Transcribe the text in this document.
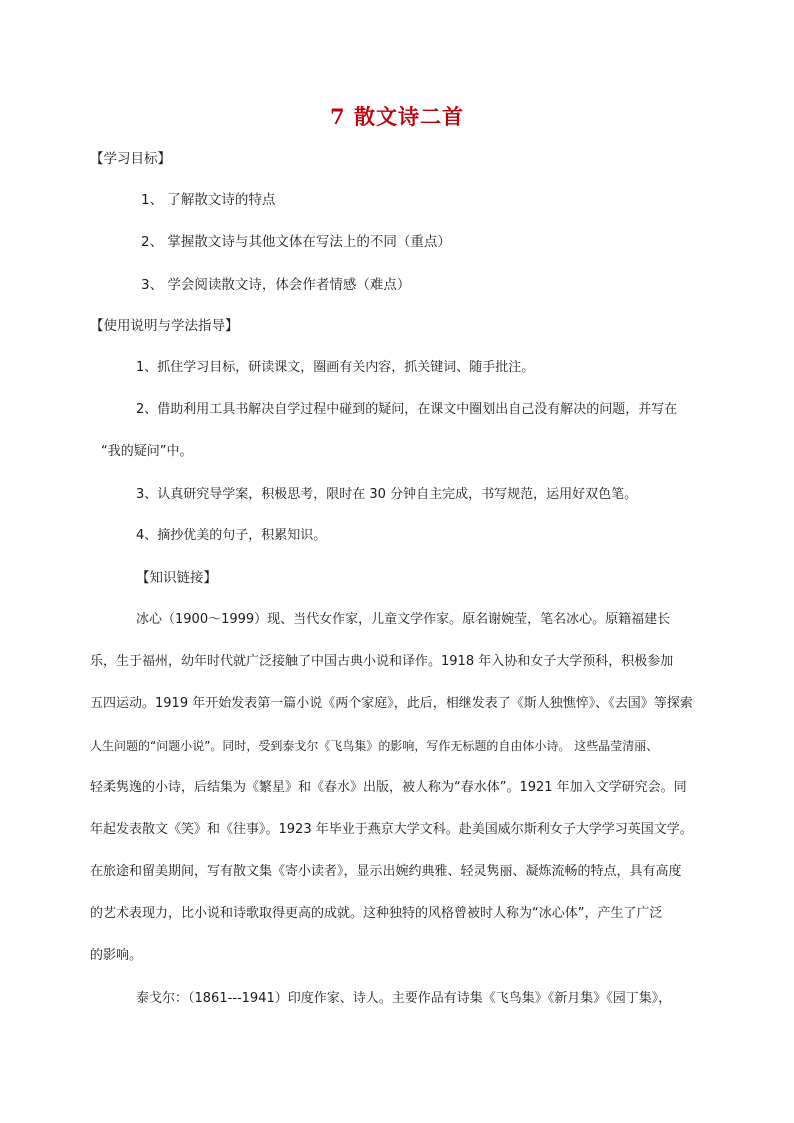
7 散文诗二首
【学习目标】
1、 了解散文诗的特点
2、 掌握散文诗与其他文体在写法上的不同（重点）
3、 学会阅读散文诗，体会作者情感（难点）
【使用说明与学法指导】
1、抓住学习目标，研读课文，圈画有关内容，抓关键词、随手批注。
2、借助利用工具书解决自学过程中碰到的疑问，在课文中圈划出自己没有解决的问题，并写在
“我的疑问”中。
3、认真研究导学案，积极思考，限时在 30 分钟自主完成，书写规范，运用好双色笔。
4、摘抄优美的句子，积累知识。
【知识链接】
冰心（1900～1999）现、当代女作家，儿童文学作家。原名谢婉莹，笔名冰心。原籍福建长
乐，生于福州，幼年时代就广泛接触了中国古典小说和译作。1918 年入协和女子大学预科，积极参加
五四运动。1919 年开始发表第一篇小说《两个家庭》，此后，相继发表了《斯人独憔悴》、《去国》等探索
人生问题的“问题小说”。同时，受到泰戈尔《飞鸟集》的影响，写作无标题的自由体小诗。 这些晶莹清丽、
轻柔隽逸的小诗，后结集为《繁星》和《春水》出版，被人称为“春水体”。1921 年加入文学研究会。同
年起发表散文《笑》和《往事》。1923 年毕业于燕京大学文科。赴美国威尔斯利女子大学学习英国文学。
在旅途和留美期间，写有散文集《寄小读者》，显示出婉约典雅、轻灵隽丽、凝炼流畅的特点，具有高度
的艺术表现力，比小说和诗歌取得更高的成就。这种独特的风格曾被时人称为“冰心体”，产生了广泛
的影响。
泰戈尔：（1861---1941）印度作家、诗人。主要作品有诗集《飞鸟集》《新月集》《园丁集》，
